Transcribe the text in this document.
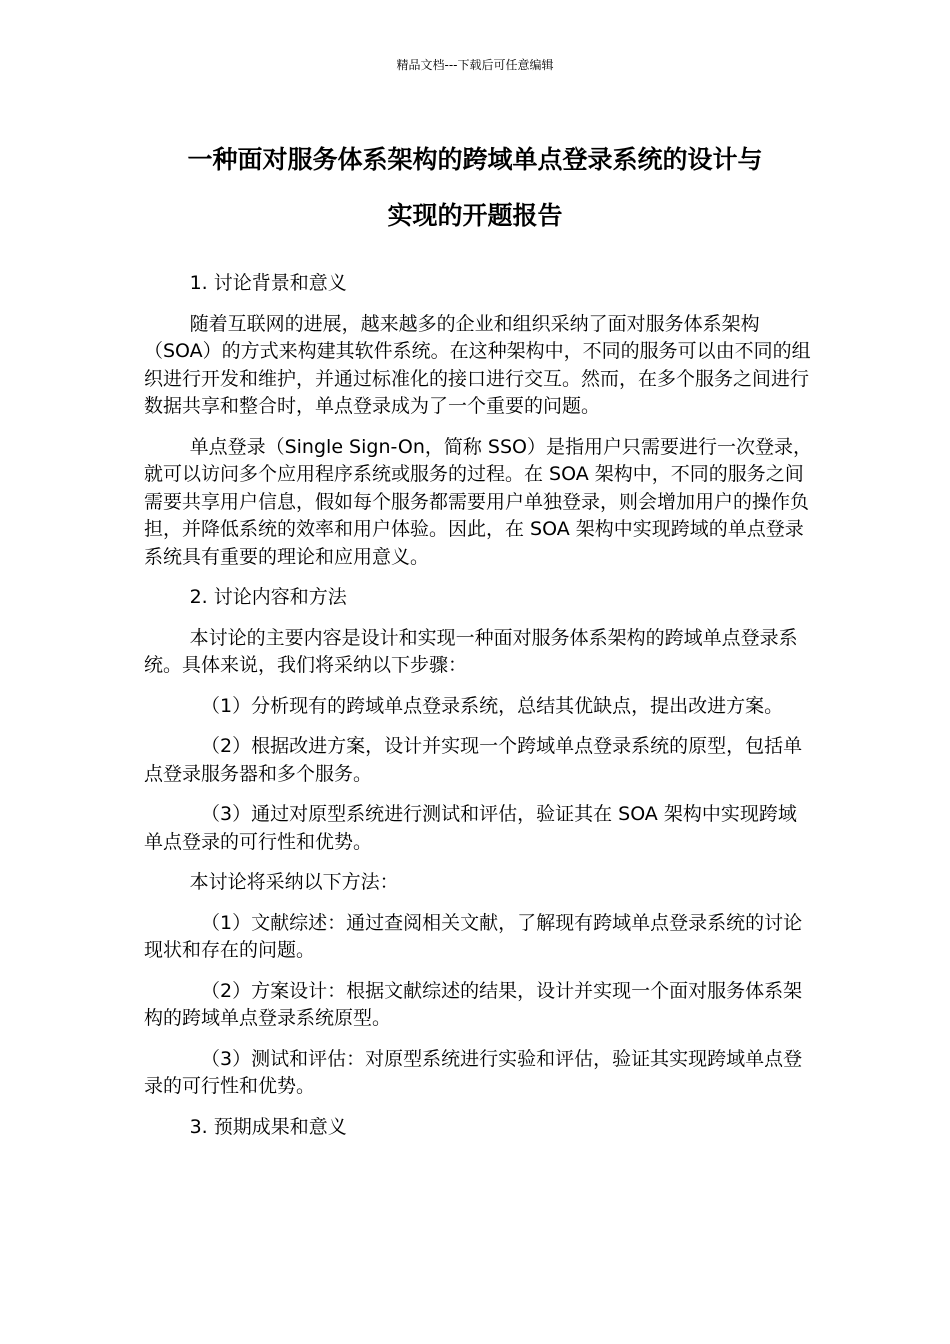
精品文档---下载后可任意编辑
一种面对服务体系架构的跨域单点登录系统的设计与
实现的开题报告

1. 讨论背景和意义

随着互联网的进展，越来越多的企业和组织采纳了面对服务体系架构（SOA）的方式来构建其软件系统。在这种架构中，不同的服务可以由不同的组织进行开发和维护，并通过标准化的接口进行交互。然而，在多个服务之间进行数据共享和整合时，单点登录成为了一个重要的问题。

单点登录（Single Sign-On，简称 SSO）是指用户只需要进行一次登录，就可以访问多个应用程序系统或服务的过程。在 SOA 架构中，不同的服务之间需要共享用户信息，假如每个服务都需要用户单独登录，则会增加用户的操作负担，并降低系统的效率和用户体验。因此，在 SOA 架构中实现跨域的单点登录系统具有重要的理论和应用意义。

2. 讨论内容和方法

本讨论的主要内容是设计和实现一种面对服务体系架构的跨域单点登录系统。具体来说，我们将采纳以下步骤：

（1）分析现有的跨域单点登录系统，总结其优缺点，提出改进方案。

（2）根据改进方案，设计并实现一个跨域单点登录系统的原型，包括单点登录服务器和多个服务。

（3）通过对原型系统进行测试和评估，验证其在 SOA 架构中实现跨域单点登录的可行性和优势。

本讨论将采纳以下方法：

（1）文献综述：通过查阅相关文献，了解现有跨域单点登录系统的讨论现状和存在的问题。

（2）方案设计：根据文献综述的结果，设计并实现一个面对服务体系架构的跨域单点登录系统原型。

（3）测试和评估：对原型系统进行实验和评估，验证其实现跨域单点登录的可行性和优势。

3. 预期成果和意义
